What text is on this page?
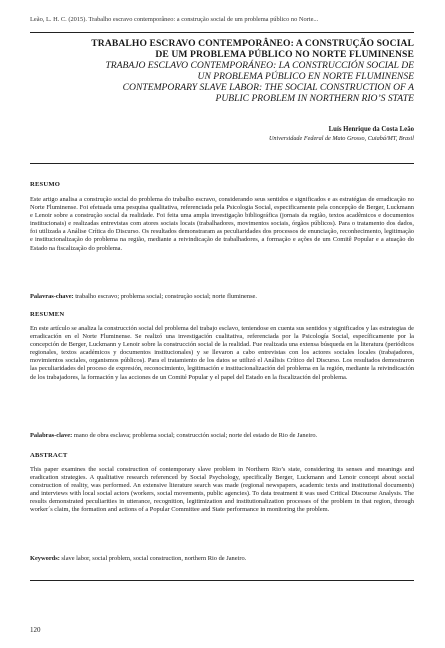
Leão, L. H. C. (2015). Trabalho escravo contemporâneo: a construção social de um problema público no Norte...
TRABALHO ESCRAVO CONTEMPORÂNEO: A CONSTRUÇÃO SOCIAL
DE UM PROBLEMA PÚBLICO NO NORTE FLUMINENSE
TRABAJO ESCLAVO CONTEMPORÁNEO: LA CONSTRUCCIÓN SOCIAL DE
UN PROBLEMA PÚBLICO EN NORTE FLUMINENSE
CONTEMPORARY SLAVE LABOR: THE SOCIAL CONSTRUCTION OF A
PUBLIC PROBLEM IN NORTHERN RIO’S STATE
Luís Henrique da Costa Leão
Universidade Federal de Mato Grosso, Cuiabá/MT, Brasil
RESUMO
Este artigo analisa a construção social do problema do trabalho escravo, considerando seus sentidos e significados e as estratégias de erradicação no Norte Fluminense. Foi efetuada uma pesquisa qualitativa, referenciada pela Psicologia Social, especificamente pela concepção de Berger, Luckmann e Lenoir sobre a construção social da realidade. Foi feita uma ampla investigação bibliográfica (jornais da região, textos acadêmicos e documentos institucionais) e realizadas entrevistas com atores sociais locais (trabalhadores, movimentos sociais, órgãos públicos). Para o tratamento dos dados, foi utilizada a Análise Crítica do Discurso. Os resultados demonstraram as peculiaridades dos processos de enunciação, reconhecimento, legitimação e institucionalização do problema na região, mediante a reivindicação de trabalhadores, a formação e ações de um Comitê Popular e a atuação do Estado na fiscalização do problema.
Palavras-chave: trabalho escravo; problema social; construção social; norte fluminense.
RESUMEN
En este artículo se analiza la construcción social del problema del trabajo esclavo, teniendose en cuenta sus sentidos y significados y las estrategias de erradicación en el Norte Fluminense. Se realizó una investigación cualitativa, referenciada por la Psicología Social, específicamente por la concepción de Berger, Luckmann y Lenoir sobre la construcción social de la realidad. Fue realizada una extensa búsqueda en la literatura (periódicos regionales, textos académicos y documentos institucionales) y se llevaron a cabo entrevistas con los actores sociales locales (trabajadores, movimientos sociales, organismos públicos). Para el tratamiento de los datos se utilizó el Análisis Crítico del Discurso. Los resultados demostraron las peculiaridades del proceso de expresión, reconocimiento, legitimación e institucionalización del problema en la región, mediante la reivindicación de los trabajadores, la formación y las acciones de un Comité Popular y el papel del Estado en la fiscalización del problema.
Palabras-clave: mano de obra esclava; problema social; construcción social; norte del estado de Rio de Janeiro.
ABSTRACT
This paper examines the social construction of contemporary slave problem in Northern Rio’s state, considering its senses and meanings and eradication strategies. A qualitative research referenced by Social Psychology, specifically Berger, Luckmann and Lenoir concept about social construction of reality, was performed. An extensive literature search was made (regional newspapers, academic texts and institutional documents) and interviews with local social actors (workers, social movements, public agencies). To data treatment it was used Critical Discourse Analysis. The results demonstrated peculiarities in utterance, recognition, legitimization and institutionalization processes of the problem in that region, through worker´s claim, the formation and actions of a Popular Committee and State performance in monitoring the problem.
Keywords: slave labor, social problem, social construction, northern Rio de Janeiro.
120
